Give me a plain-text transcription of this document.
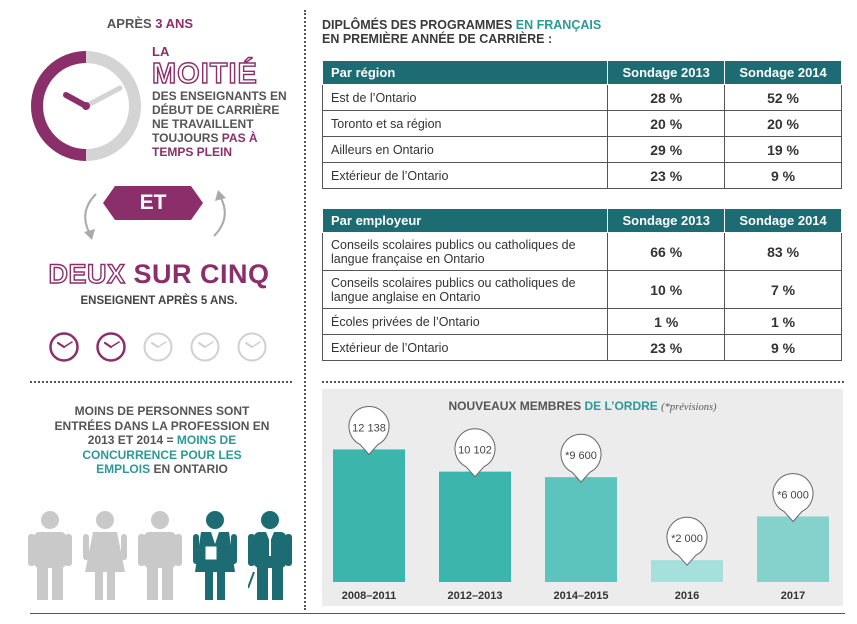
APRÈS 3 ANS
LA
MOITIÉ
DES ENSEIGNANTS EN
DÉBUT DE CARRIÈRE
NE TRAVAILLENT
TOUJOURS PAS À
TEMPS PLEIN
ET
DEUX SUR CINQ
ENSEIGNENT APRÈS 5 ANS.
MOINS DE PERSONNES SONT
ENTRÉES DANS LA PROFESSION EN
2013 ET 2014 = MOINS DE
CONCURRENCE POUR LES
EMPLOIS EN ONTARIO
DIPLÔMÉS DES PROGRAMMES EN FRANÇAIS
EN PREMIÈRE ANNÉE DE CARRIÈRE :
Par région	Sondage 2013	Sondage 2014
Est de l’Ontario	28 %	52 %
Toronto et sa région	20 %	20 %
Ailleurs en Ontario	29 %	19 %
Extérieur de l’Ontario	23 %	9 %
Par employeur	Sondage 2013	Sondage 2014

Conseils scolaires publics ou catholiques de
langue française en Ontario	66 %	83 %

Conseils scolaires publics ou catholiques de
langue anglaise en Ontario	10 %	7 %
Écoles privées de l’Ontario	1 %	1 %
Extérieur de l’Ontario	23 %	9 %
NOUVEAUX MEMBRES DE L’ORDRE (*prévisions)
12 138
2008–2011
10 102
2012–2013
*9 600
2014–2015
*2 000
2016
*6 000
2017
